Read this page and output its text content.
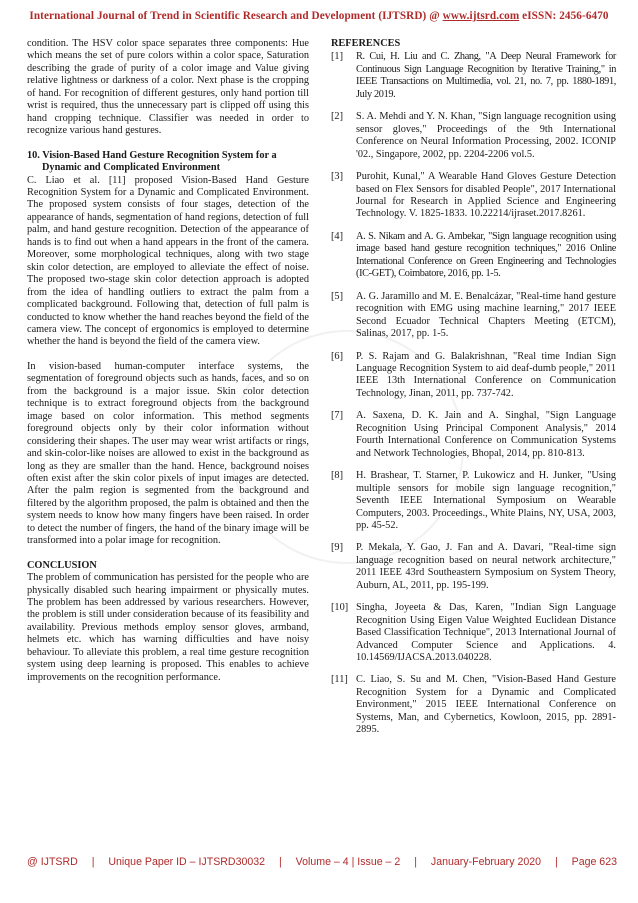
International Journal of Trend in Scientific Research and Development (IJTSRD) @ www.ijtsrd.com eISSN: 2456-6470

condition. The HSV color space separates three components: Hue which means the set of pure colors within a color space, Saturation describing the grade of purity of a color image and Value giving relative lightness or darkness of a color. Next phase is the cropping of hand. For recognition of different gestures, only hand portion till wrist is required, thus the unnecessary part is clipped off using this hand cropping technique. Classifier was needed in order to recognize various hand gestures.

10. Vision-Based Hand Gesture Recognition System for a
Dynamic and Complicated Environment

C. Liao et al. [11] proposed Vision-Based Hand Gesture Recognition System for a Dynamic and Complicated Environment. The proposed system consists of four stages, detection of the appearance of hands, segmentation of hand regions, detection of full palm, and hand gesture recognition. Detection of the appearance of hands is to find out when a hand appears in the front of the camera. Moreover, some morphological techniques, along with two stage skin color detection, are employed to alleviate the effect of noise. The proposed two-stage skin color detection approach is adopted from the idea of handling outliers to extract the palm from a complicated background. Following that, detection of full palm is conducted to know whether the hand reaches beyond the field of the camera view. The concept of ergonomics is employed to determine whether the hand is beyond the field of the camera view.

In vision-based human-computer interface systems, the segmentation of foreground objects such as hands, faces, and so on from the background is a major issue. Skin color detection technique is to extract foreground objects from the background image based on color information. This method segments foreground objects only by their color information without considering their shapes. The user may wear wrist artifacts or rings, and skin-color-like noises are allowed to exist in the background as long as they are smaller than the hand. Hence, background noises often exist after the skin color pixels of input images are detected. After the palm region is segmented from the background and filtered by the algorithm proposed, the palm is obtained and then the system needs to know how many fingers have been raised. In order to detect the number of fingers, the hand of the binary image will be transformed into a polar image for recognition.

CONCLUSION

The problem of communication has persisted for the people who are physically disabled such hearing impairment or physically mutes. The problem has been addressed by various researchers. However, the problem is still under consideration because of its feasibility and availability. Previous methods employ sensor gloves, armband, helmets etc. which has warning difficulties and have noisy behaviour. To alleviate this problem, a real time gesture recognition system using deep learning is proposed. This enables to achieve improvements on the recognition performance.

REFERENCES

[1]	R. Cui, H. Liu and C. Zhang, "A Deep Neural Framework for Continuous Sign Language Recognition by Iterative Training," in IEEE Transactions on Multimedia, vol. 21, no. 7, pp. 1880-1891, July 2019.
[2]	S. A. Mehdi and Y. N. Khan, "Sign language recognition using sensor gloves," Proceedings of the 9th International Conference on Neural Information Processing, 2002. ICONIP '02., Singapore, 2002, pp. 2204-2206 vol.5.
[3]	Purohit, Kunal," A Wearable Hand Gloves Gesture Detection based on Flex Sensors for disabled People", 2017 International Journal for Research in Applied Science and Engineering Technology. V. 1825-1833. 10.22214/ijraset.2017.8261.
[4]	A. S. Nikam and A. G. Ambekar, "Sign language recognition using image based hand gesture recognition techniques," 2016 Online International Conference on Green Engineering and Technologies (IC-GET), Coimbatore, 2016, pp. 1-5.
[5]	A. G. Jaramillo and M. E. Benalcázar, "Real-time hand gesture recognition with EMG using machine learning," 2017 IEEE Second Ecuador Technical Chapters Meeting (ETCM), Salinas, 2017, pp. 1-5.
[6]	P. S. Rajam and G. Balakrishnan, "Real time Indian Sign Language Recognition System to aid deaf-dumb people," 2011 IEEE 13th International Conference on Communication Technology, Jinan, 2011, pp. 737-742.
[7]	A. Saxena, D. K. Jain and A. Singhal, "Sign Language Recognition Using Principal Component Analysis," 2014 Fourth International Conference on Communication Systems and Network Technologies, Bhopal, 2014, pp. 810-813.
[8]	H. Brashear, T. Starner, P. Lukowicz and H. Junker, "Using multiple sensors for mobile sign language recognition," Seventh IEEE International Symposium on Wearable Computers, 2003. Proceedings., White Plains, NY, USA, 2003, pp. 45-52.
[9]	P. Mekala, Y. Gao, J. Fan and A. Davari, "Real-time sign language recognition based on neural network architecture," 2011 IEEE 43rd Southeastern Symposium on System Theory, Auburn, AL, 2011, pp. 195-199.
[10] Singha, Joyeeta & Das, Karen, "Indian Sign Language Recognition Using Eigen Value Weighted Euclidean Distance Based Classification Technique", 2013 International Journal of Advanced Computer Science and Applications. 4. 10.14569/IJACSA.2013.040228.
[11] C. Liao, S. Su and M. Chen, "Vision-Based Hand Gesture Recognition System for a Dynamic and Complicated Environment," 2015 IEEE International Conference on Systems, Man, and Cybernetics, Kowloon, 2015, pp. 2891-2895.
@ IJTSRD	|	Unique Paper ID – IJTSRD30032	|	Volume – 4 | Issue – 2	|	January-February 2020	|	Page 623
